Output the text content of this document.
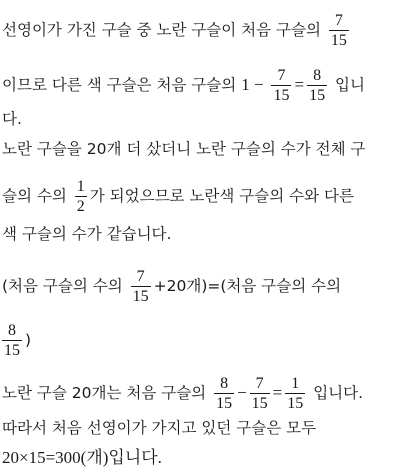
선영이가 가진 구슬 중 노란 구슬이 처음 구슬의 $\frac{7}{15}$
이므로 다른 색 구슬은 처음 구슬의 $1 - \frac{7}{15} = \frac{8}{15}$ 입니
다.
노란 구슬을 20개 더 샀더니 노란 구슬의 수가 전체 구
슬의 수의 $\frac{1}{2}$ 가 되었으므로 노란색 구슬의 수와 다른
색 구슬의 수가 같습니다.
(처음 구슬의 수의 $\frac{7}{15} +20$개)=(처음 구슬의 수의
$\frac{8}{15}$ )
노란 구슬 20개는 처음 구슬의 $\frac{8}{15} - \frac{7}{15} = \frac{1}{15}$ 입니다.
따라서 처음 선영이가 가지고 있던 구슬은 모두
20×15=300(개)입니다.
